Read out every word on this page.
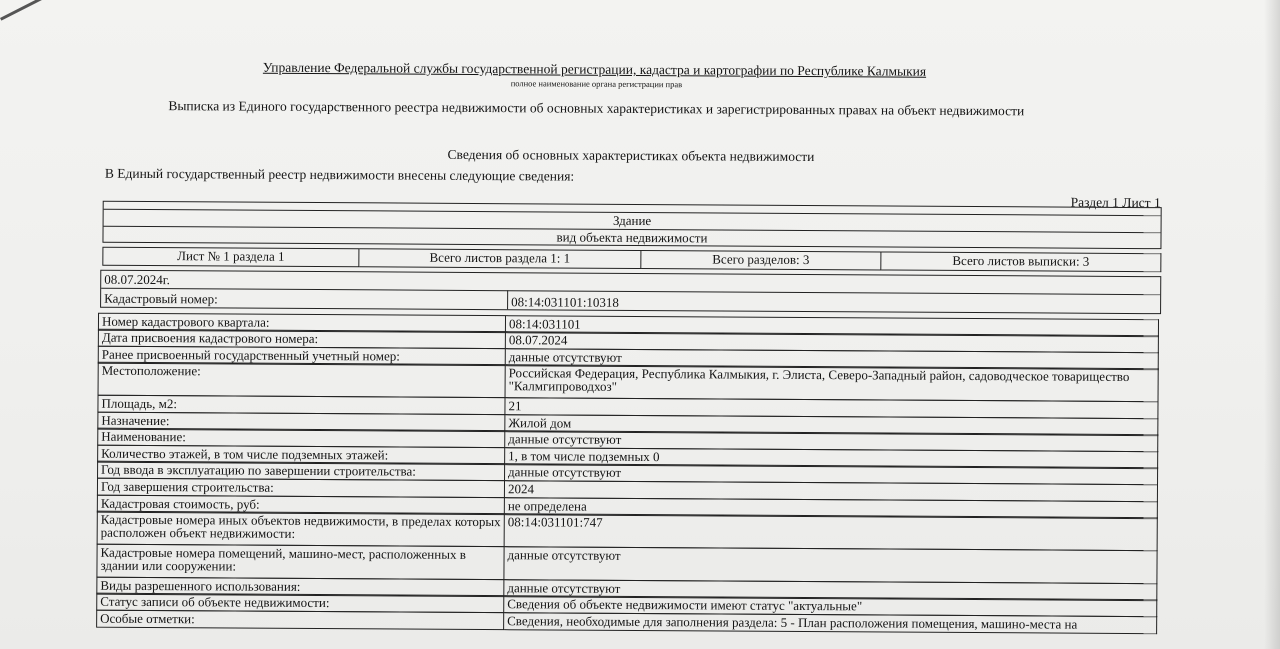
Управление Федеральной службы государственной регистрации, кадастра и картографии по Республике Калмыкия
полное наименование органа регистрации прав
Выписка из Единого государственного реестра недвижимости об основных характеристиках и зарегистрированных правах на объект недвижимости
Сведения об основных характеристиках объекта недвижимости
В Единый государственный реестр недвижимости внесены следующие сведения:
Раздел 1 Лист 1
Здание
вид объекта недвижимости
Лист № 1 раздела 1	Всего листов раздела 1: 1	Всего разделов: 3	Всего листов выписки: 3
08.07.2024г.
Кадастровый номер:	08:14:031101:10318
Номер кадастрового квартала:	08:14:031101
Дата присвоения кадастрового номера:	08.07.2024
Ранее присвоенный государственный учетный номер:	данные отсутствуют
Местоположение:	Российская Федерация, Республика Калмыкия, г. Элиста, Северо-Западный район, садоводческое товарищество "Калмгипроводхоз"
Площадь, м2:	21
Назначение:	Жилой дом
Наименование:	данные отсутствуют
Количество этажей, в том числе подземных этажей:	1, в том числе подземных 0
Год ввода в эксплуатацию по завершении строительства:	данные отсутствуют
Год завершения строительства:	2024
Кадастровая стоимость, руб:	не определена
Кадастровые номера иных объектов недвижимости, в пределах которых расположен объект недвижимости:
08:14:031101:747
Кадастровые номера помещений, машино-мест, расположенных в здании или сооружении:
данные отсутствуют
Виды разрешенного использования:	данные отсутствуют
Статус записи об объекте недвижимости:	Сведения об объекте недвижимости имеют статус "актуальные"
Особые отметки:	Сведения, необходимые для заполнения раздела: 5 - План расположения помещения, машино-места на
